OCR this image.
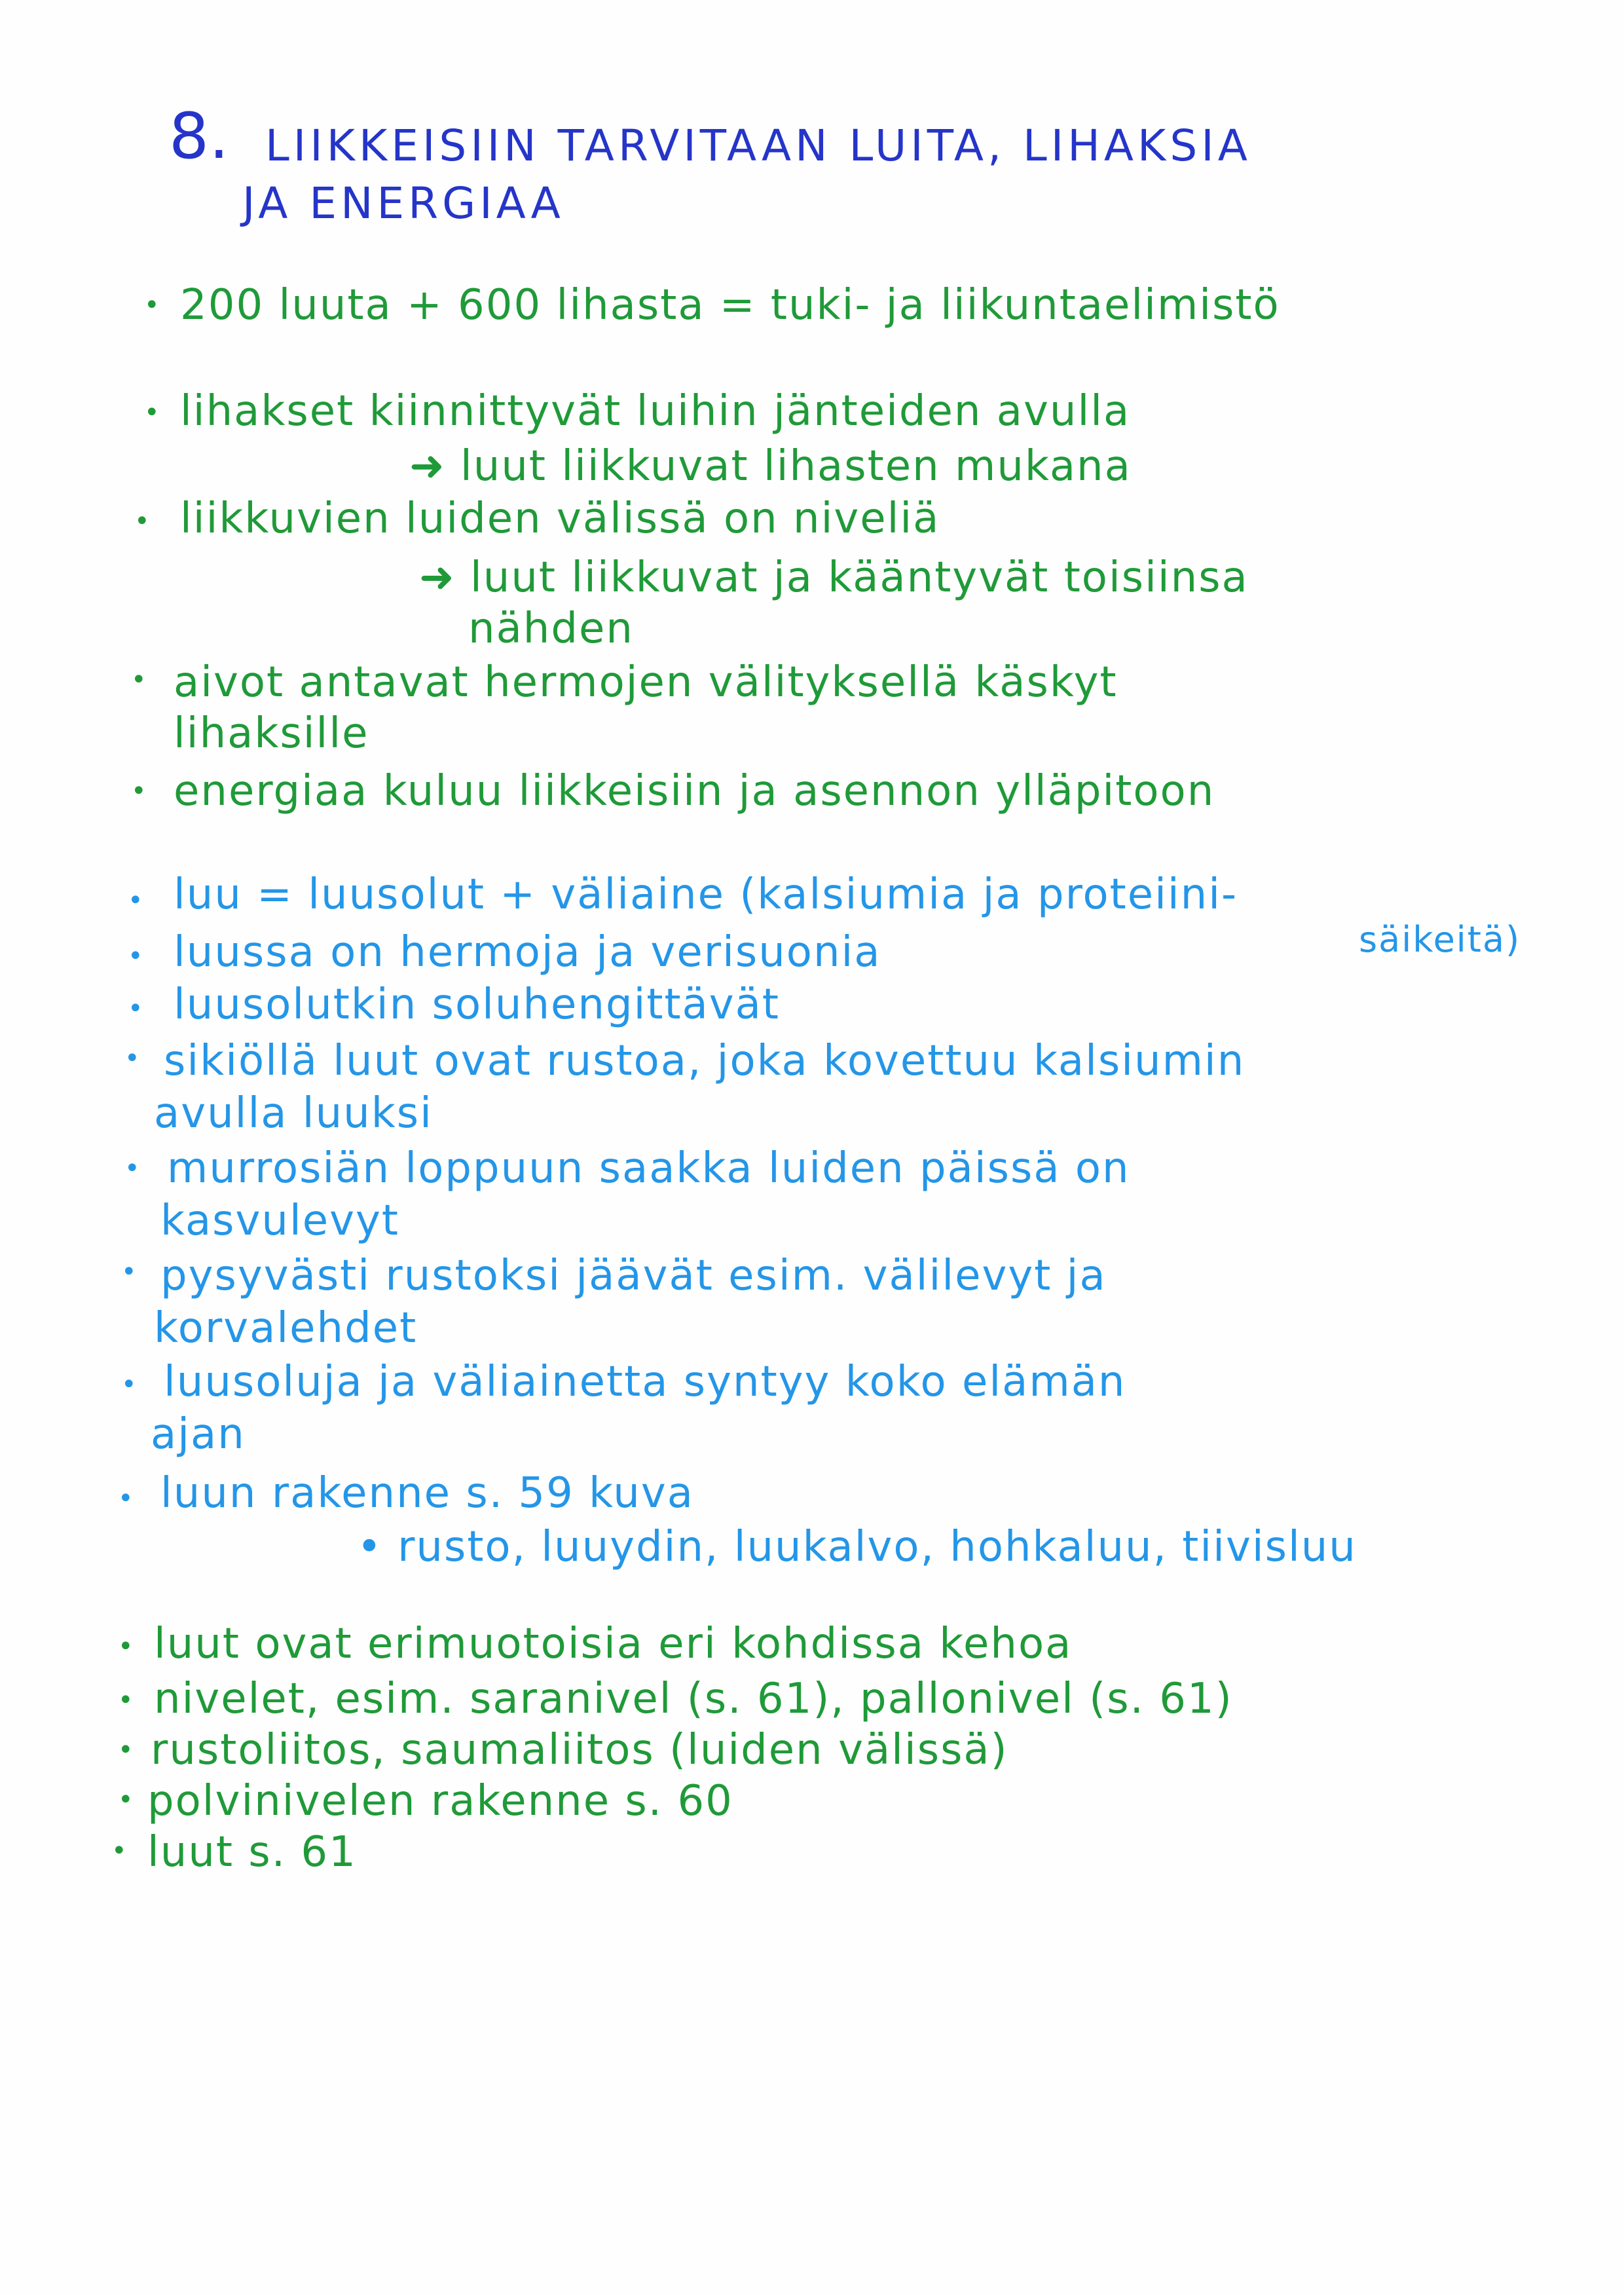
8. LIIKKEISIIN TARVITAAN LUITA, LIHAKSIA
JA ENERGIAA
• 200 luuta + 600 lihasta = tuki- ja liikuntaelimistö
• lihakset kiinnittyvät luihin jänteiden avulla
➜ luut liikkuvat lihasten mukana
• liikkuvien luiden välissä on niveliä
➜ luut liikkuvat ja kääntyvät toisiinsa
nähden
• aivot antavat hermojen välityksellä käskyt
lihaksille
• energiaa kuluu liikkeisiin ja asennon ylläpitoon
• luu = luusolut + väliaine (kalsiumia ja proteiini-
säikeitä)
• luussa on hermoja ja verisuonia
• luusolutkin soluhengittävät
• sikiöllä luut ovat rustoa, joka kovettuu kalsiumin
avulla luuksi
• murrosiän loppuun saakka luiden päissä on
kasvulevyt
• pysyvästi rustoksi jäävät esim. välilevyt ja
korvalehdet
• luusoluja ja väliainetta syntyy koko elämän
ajan
• luun rakenne s. 59 kuva
• rusto, luuydin, luukalvo, hohkaluu, tiivisluu
• luut ovat erimuotoisia eri kohdissa kehoa
• nivelet, esim. saranivel (s. 61), pallonivel (s. 61)
• rustoliitos, saumaliitos (luiden välissä)
• polvinivelen rakenne s. 60
• luut s. 61
